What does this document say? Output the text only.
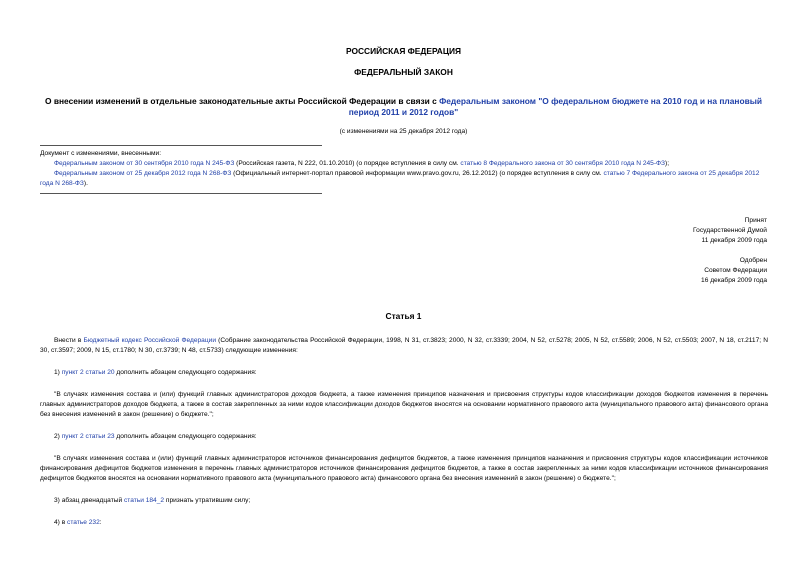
РОССИЙСКАЯ ФЕДЕРАЦИЯ
ФЕДЕРАЛЬНЫЙ ЗАКОН
О внесении изменений в отдельные законодательные акты Российской Федерации в связи с Федеральным законом "О федеральном бюджете на 2010 год и на плановый период 2011 и 2012 годов"
(с изменениями на 25 декабря 2012 года)

Документ с изменениями, внесенными:

Федеральным законом от 30 сентября 2010 года N 245-ФЗ (Российская газета, N 222, 01.10.2010) (о порядке вступления в силу см. статью 8 Федерального закона от 30 сентября 2010 года N 245-ФЗ);

Федеральным законом от 25 декабря 2012 года N 268-ФЗ (Официальный интернет-портал правовой информации www.pravo.gov.ru, 26.12.2012) (о порядке вступления в силу см. статью 7 Федерального закона от 25 декабря 2012 года N 268-ФЗ).

Принят
Государственной Думой
11 декабря 2009 года
Одобрен
Советом Федерации
16 декабря 2009 года
Статья 1

Внести в Бюджетный кодекс Российской Федерации (Собрание законодательства Российской Федерации, 1998, N 31, ст.3823; 2000, N 32, ст.3339; 2004, N 52, ст.5278; 2005, N 52, ст.5589; 2006, N 52, ст.5503; 2007, N 18, ст.2117; N 30, ст.3597; 2009, N 15, ст.1780; N 30, ст.3739; N 48, ст.5733) следующие изменения:

1) пункт 2 статьи 20 дополнить абзацем следующего содержания:

"В случаях изменения состава и (или) функций главных администраторов доходов бюджета, а также изменения принципов назначения и присвоения структуры кодов классификации доходов бюджетов изменения в перечень главных администраторов доходов бюджета, а также в состав закрепленных за ними кодов классификации доходов бюджетов вносятся на основании нормативного правового акта (муниципального правового акта) финансового органа без внесения изменений в закон (решение) о бюджете.";

2) пункт 2 статьи 23 дополнить абзацем следующего содержания:

"В случаях изменения состава и (или) функций главных администраторов источников финансирования дефицитов бюджетов, а также изменения принципов назначения и присвоения структуры кодов классификации источников финансирования дефицитов бюджетов изменения в перечень главных администраторов источников финансирования дефицитов бюджетов, а также в состав закрепленных за ними кодов классификации источников финансирования дефицитов бюджетов вносятся на основании нормативного правового акта (муниципального правового акта) финансового органа без внесения изменений в закон (решение) о бюджете.";

3) абзац двенадцатый статьи 184_2 признать утратившим силу;

4) в статье 232:
